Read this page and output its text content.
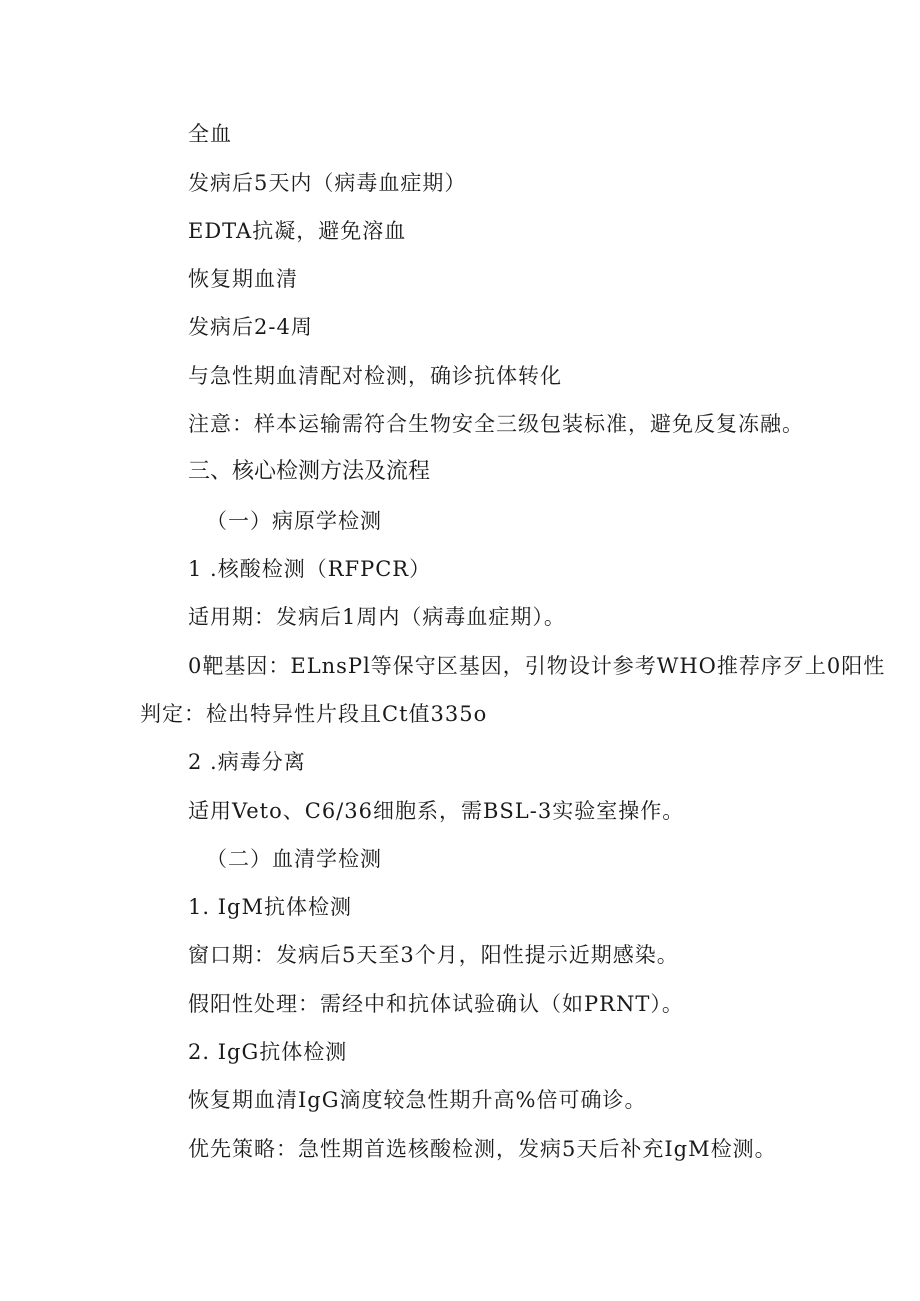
全血
发病后5天内（病毒血症期）
EDTA抗凝，避免溶血
恢复期血清
发病后2-4周
与急性期血清配对检测，确诊抗体转化
注意：样本运输需符合生物安全三级包装标准，避免反复冻融。
三、核心检测方法及流程
（一）病原学检测
1 .核酸检测（RFPCR）
适用期：发病后1周内（病毒血症期）。
0靶基因：ELnsPl等保守区基因，引物设计参考WHO推荐序歹上0阳性
判定：检出特异性片段且Ct值335o
2 .病毒分离
适用Veto、C6/36细胞系，需BSL-3实验室操作。
（二）血清学检测
1. IgM抗体检测
窗口期：发病后5天至3个月，阳性提示近期感染。
假阳性处理：需经中和抗体试验确认（如PRNT）。
2. IgG抗体检测
恢复期血清IgG滴度较急性期升高%倍可确诊。
优先策略：急性期首选核酸检测，发病5天后补充IgM检测。
